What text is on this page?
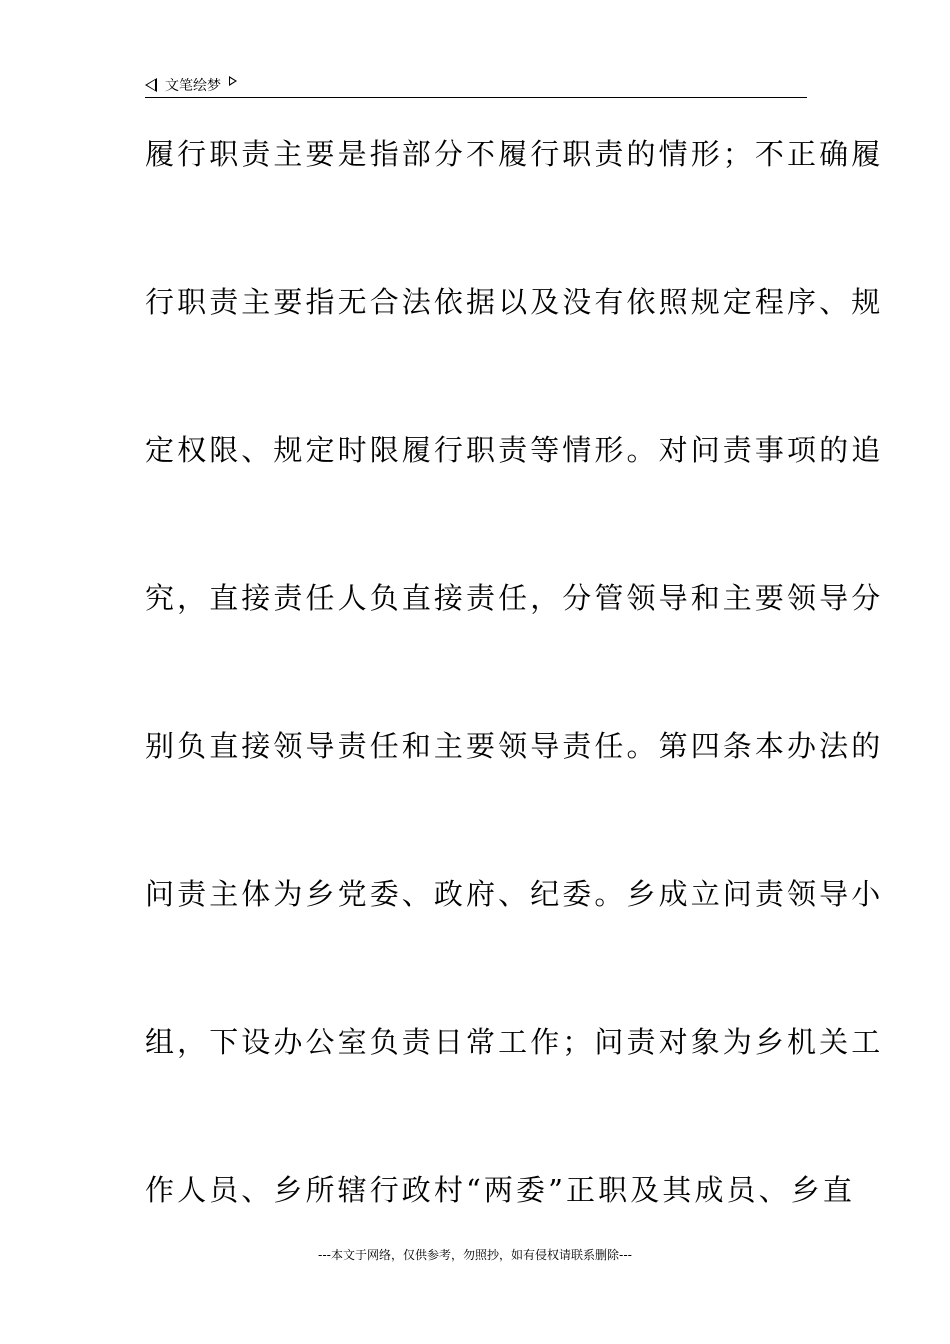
文笔绘梦
履行职责主要是指部分不履行职责的情形；不正确履
行职责主要指无合法依据以及没有依照规定程序、规
定权限、规定时限履行职责等情形。对问责事项的追
究，直接责任人负直接责任，分管领导和主要领导分
别负直接领导责任和主要领导责任。第四条本办法的
问责主体为乡党委、政府、纪委。乡成立问责领导小
组，下设办公室负责日常工作；问责对象为乡机关工
作人员、乡所辖行政村“两委”正职及其成员、乡直
---本文于网络，仅供参考，勿照抄，如有侵权请联系删除---
